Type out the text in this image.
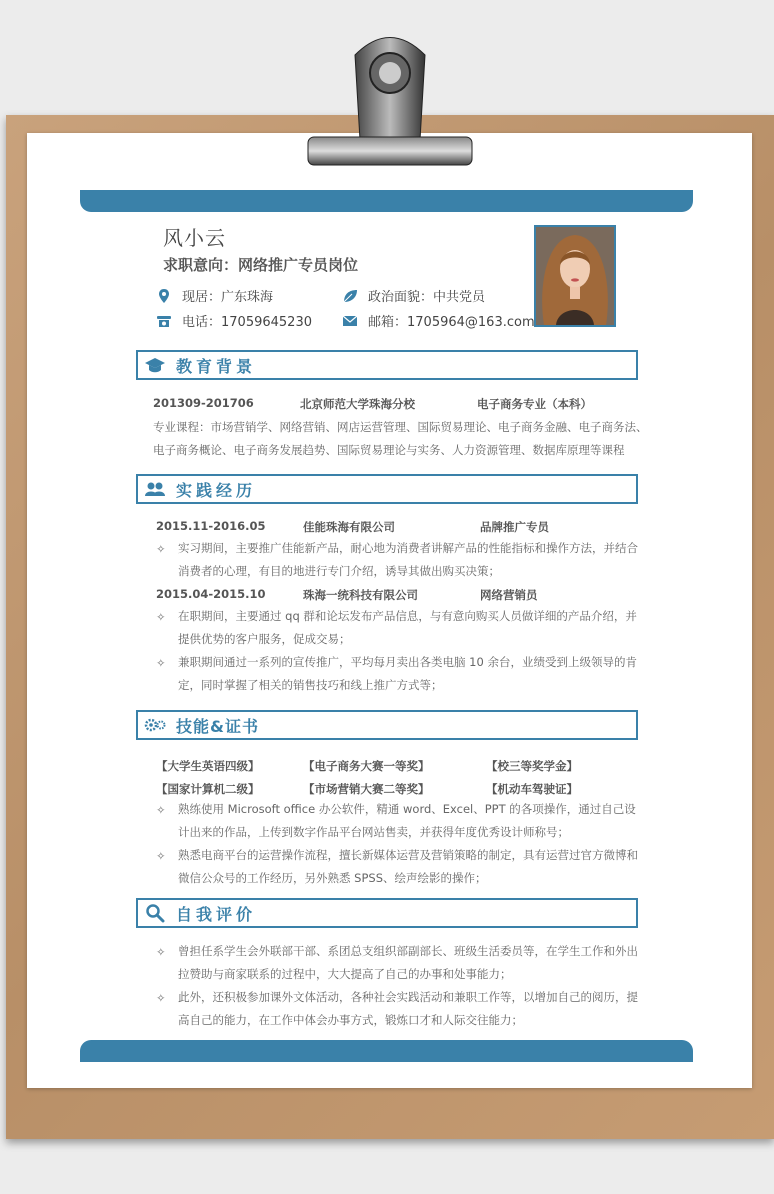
风小云
求职意向：网络推广专员岗位
现居：广东珠海	政治面貌：中共党员
电话：17059645230	邮箱：1705964@163.com
教育背景
201309-201706	北京师范大学珠海分校	电子商务专业（本科）
专业课程：市场营销学、网络营销、网店运营管理、国际贸易理论、电子商务金融、电子商务法、
电子商务概论、电子商务发展趋势、国际贸易理论与实务、人力资源管理、数据库原理等课程
实践经历
2015.11-2016.05	佳能珠海有限公司	品牌推广专员
✧ 实习期间，主要推广佳能新产品，耐心地为消费者讲解产品的性能指标和操作方法，并结合消费者的心理，有目的地进行专门介绍，诱导其做出购买决策；
2015.04-2015.10	珠海一统科技有限公司	网络营销员
✧ 在职期间，主要通过 qq 群和论坛发布产品信息，与有意向购买人员做详细的产品介绍，并提供优势的客户服务，促成交易；
✧ 兼职期间通过一系列的宣传推广，平均每月卖出各类电脑 10 余台，业绩受到上级领导的肯定，同时掌握了相关的销售技巧和线上推广方式等；
技能&证书
【大学生英语四级】	【电子商务大赛一等奖】	【校三等奖学金】
【国家计算机二级】	【市场营销大赛二等奖】	【机动车驾驶证】
✧ 熟练使用 Microsoft office 办公软件，精通 word、Excel、PPT 的各项操作，通过自己设计出来的作品，上传到数字作品平台网站售卖，并获得年度优秀设计师称号；
✧ 熟悉电商平台的运营操作流程，擅长新媒体运营及营销策略的制定，具有运营过官方微博和微信公众号的工作经历，另外熟悉 SPSS、绘声绘影的操作；
自我评价
✧ 曾担任系学生会外联部干部、系团总支组织部副部长、班级生活委员等，在学生工作和外出拉赞助与商家联系的过程中，大大提高了自己的办事和处事能力；
✧ 此外，还积极参加课外文体活动，各种社会实践活动和兼职工作等，以增加自己的阅历，提高自己的能力，在工作中体会办事方式，锻炼口才和人际交往能力；
